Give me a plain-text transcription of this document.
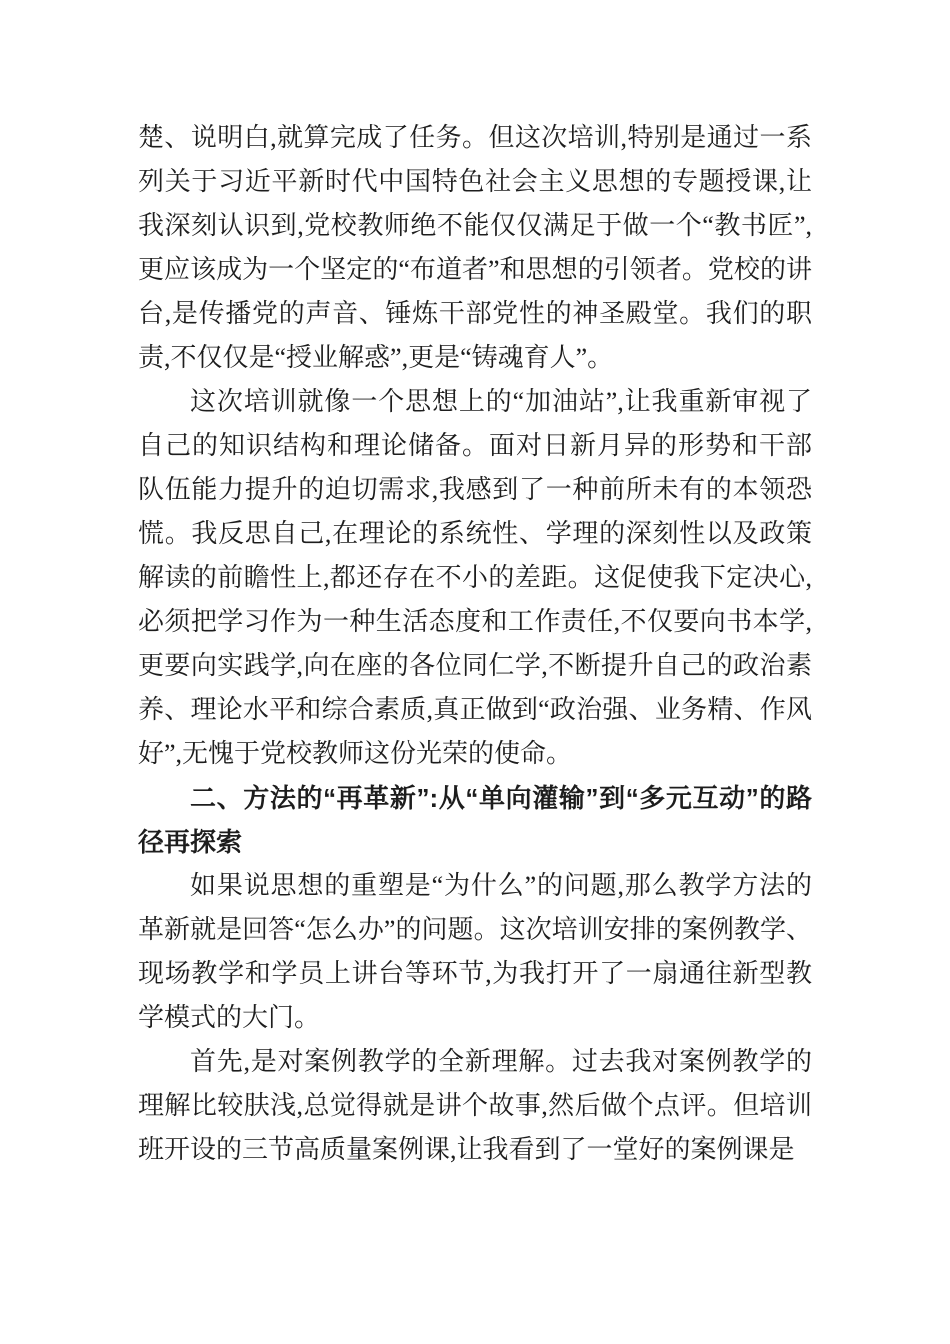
楚、说明白,就算完成了任务。但这次培训,特别是通过一系列关于习近平新时代中国特色社会主义思想的专题授课,让我深刻认识到,党校教师绝不能仅仅满足于做一个“教书匠”,更应该成为一个坚定的“布道者”和思想的引领者。党校的讲台,是传播党的声音、锤炼干部党性的神圣殿堂。我们的职责,不仅仅是“授业解惑”,更是“铸魂育人”。

这次培训就像一个思想上的“加油站”,让我重新审视了自己的知识结构和理论储备。面对日新月异的形势和干部队伍能力提升的迫切需求,我感到了一种前所未有的本领恐慌。我反思自己,在理论的系统性、学理的深刻性以及政策解读的前瞻性上,都还存在不小的差距。这促使我下定决心,必须把学习作为一种生活态度和工作责任,不仅要向书本学,更要向实践学,向在座的各位同仁学,不断提升自己的政治素养、理论水平和综合素质,真正做到“政治强、业务精、作风好”,无愧于党校教师这份光荣的使命。

二、方法的“再革新”:从“单向灌输”到“多元互动”的路径再探索

如果说思想的重塑是“为什么”的问题,那么教学方法的革新就是回答“怎么办”的问题。这次培训安排的案例教学、现场教学和学员上讲台等环节,为我打开了一扇通往新型教学模式的大门。

首先,是对案例教学的全新理解。过去我对案例教学的理解比较肤浅,总觉得就是讲个故事,然后做个点评。但培训班开设的三节高质量案例课,让我看到了一堂好的案例课是
